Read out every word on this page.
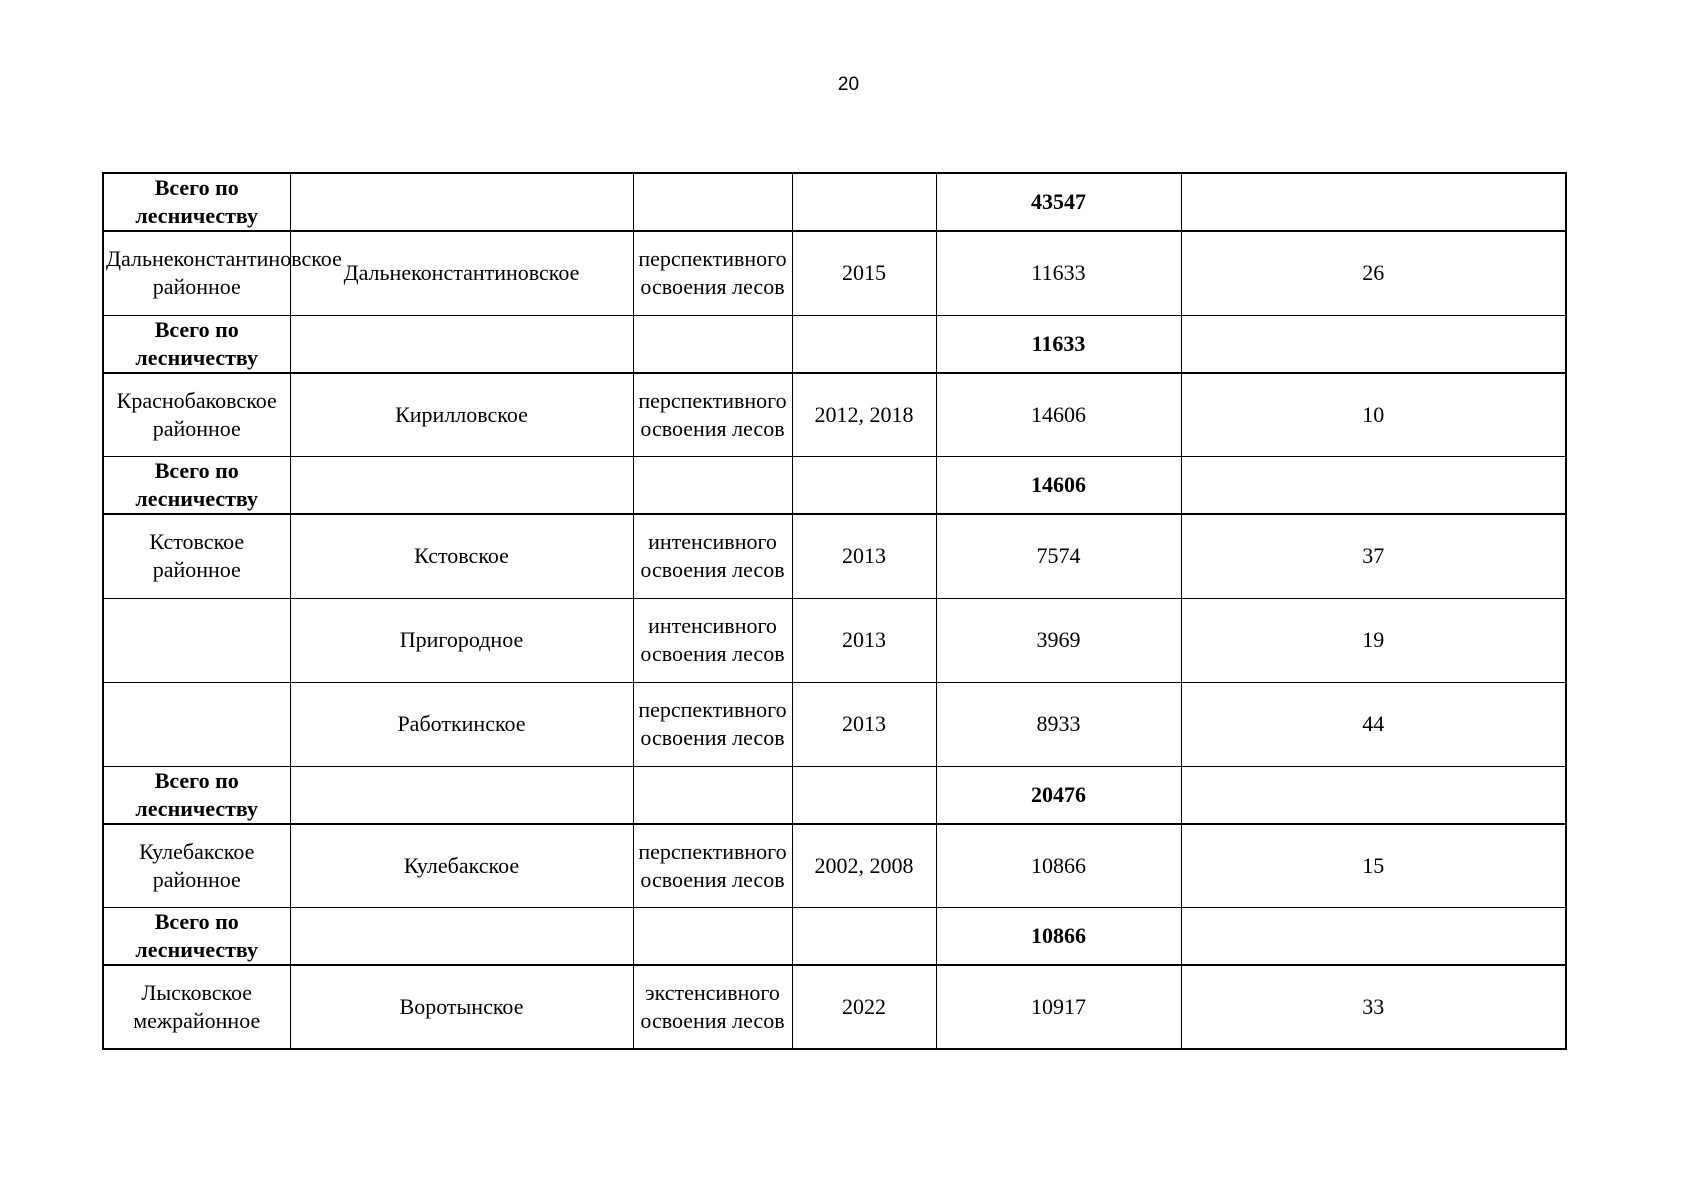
20
Всего по лесничеству				43547	
Дальнеконстантиновское районное	Дальнеконстантиновское	перспективного освоения лесов	2015	11633	26
Всего по лесничеству				11633	
Краснобаковское районное	Кирилловское	перспективного освоения лесов	2012, 2018	14606	10
Всего по лесничеству				14606	
Кстовское районное	Кстовское	интенсивного освоения лесов	2013	7574	37
	Пригородное	интенсивного освоения лесов	2013	3969	19
	Работкинское	перспективного освоения лесов	2013	8933	44
Всего по лесничеству				20476	
Кулебакское районное	Кулебакское	перспективного освоения лесов	2002, 2008	10866	15
Всего по лесничеству				10866	
Лысковское межрайонное	Воротынское	экстенсивного освоения лесов	2022	10917	33
